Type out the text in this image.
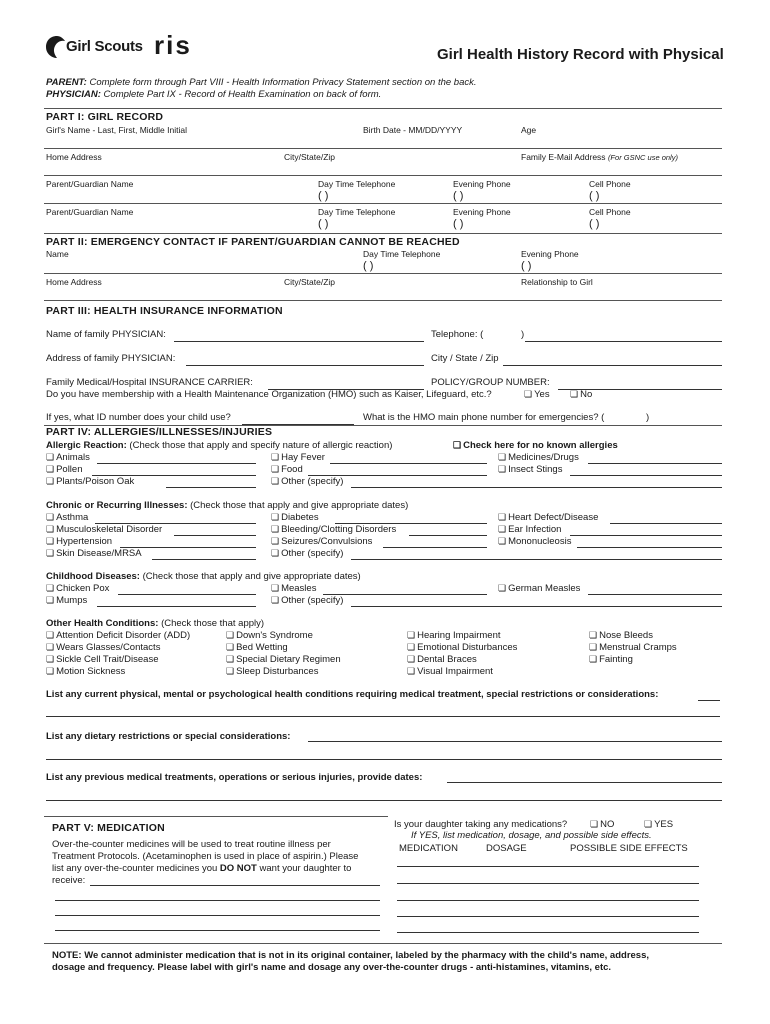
Girl Scouts ris	Girl Health History Record with Physical
PARENT: Complete form through Part VIII - Health Information Privacy Statement section on the back.
PHYSICIAN: Complete Part IX - Record of Health Examination on back of form.
PART I: GIRL RECORD
Girl's Name - Last, First, Middle Initial	Birth Date - MM/DD/YYYY	Age
Home Address	City/State/Zip	Family E-Mail Address (For GSNC use only)
Parent/Guardian Name	Day Time Telephone	Evening Phone	Cell Phone
( )	( )	( )
Parent/Guardian Name	Day Time Telephone	Evening Phone	Cell Phone
( )	( )	( )
PART II: EMERGENCY CONTACT IF PARENT/GUARDIAN CANNOT BE REACHED
Name	Day Time Telephone	Evening Phone
( )	( )
Home Address	City/State/Zip	Relationship to Girl
PART III: HEALTH INSURANCE INFORMATION
Name of family PHYSICIAN:	Telephone: (	)
Address of family PHYSICIAN:	City / State / Zip
Family Medical/Hospital INSURANCE CARRIER:	POLICY/GROUP NUMBER:
Do you have membership with a Health Maintenance Organization (HMO) such as Kaiser, Lifeguard, etc.?	❏ Yes	❏ No
If yes, what ID number does your child use?	What is the HMO main phone number for emergencies? (	)
PART IV: ALLERGIES/ILLNESSES/INJURIES
Allergic Reaction: (Check those that apply and specify nature of allergic reaction)	❏ Check here for no known allergies
❏ Animals	❏ Hay Fever	❏ Medicines/Drugs
❏ Pollen	❏ Food	❏ Insect Stings
❏ Plants/Poison Oak	❏ Other (specify)
Chronic or Recurring Illnesses: (Check those that apply and give appropriate dates)
❏ Asthma	❏ Diabetes	❏ Heart Defect/Disease
❏ Musculoskeletal Disorder	❏ Bleeding/Clotting Disorders	❏ Ear Infection
❏ Hypertension	❏ Seizures/Convulsions	❏ Mononucleosis
❏ Skin Disease/MRSA	❏ Other (specify)
Childhood Diseases: (Check those that apply and give appropriate dates)
❏ Chicken Pox	❏ Measles	❏ German Measles
❏ Mumps	❏ Other (specify)
Other Health Conditions: (Check those that apply)
❏ Attention Deficit Disorder (ADD)	❏ Down's Syndrome	❏ Hearing Impairment	❏ Nose Bleeds
❏ Wears Glasses/Contacts	❏ Bed Wetting	❏ Emotional Disturbances	❏ Menstrual Cramps
❏ Sickle Cell Trait/Disease	❏ Special Dietary Regimen	❏ Dental Braces	❏ Fainting
❏ Motion Sickness	❏ Sleep Disturbances	❏ Visual Impairment
List any current physical, mental or psychological health conditions requiring medical treatment, special restrictions or considerations:
List any dietary restrictions or special considerations:
List any previous medical treatments, operations or serious injuries, provide dates:
PART V: MEDICATION
Over-the-counter medicines will be used to treat routine illness per
Treatment Protocols. (Acetaminophen is used in place of aspirin.) Please
list any over-the-counter medicines you DO NOT want your daughter to
receive:
Is your daughter taking any medications?	❏ NO	❏ YES
If YES, list medication, dosage, and possible side effects.
MEDICATION	DOSAGE	POSSIBLE SIDE EFFECTS
NOTE: We cannot administer medication that is not in its original container, labeled by the pharmacy with the child's name, address,
dosage and frequency. Please label with girl's name and dosage any over-the-counter drugs - anti-histamines, vitamins, etc.
